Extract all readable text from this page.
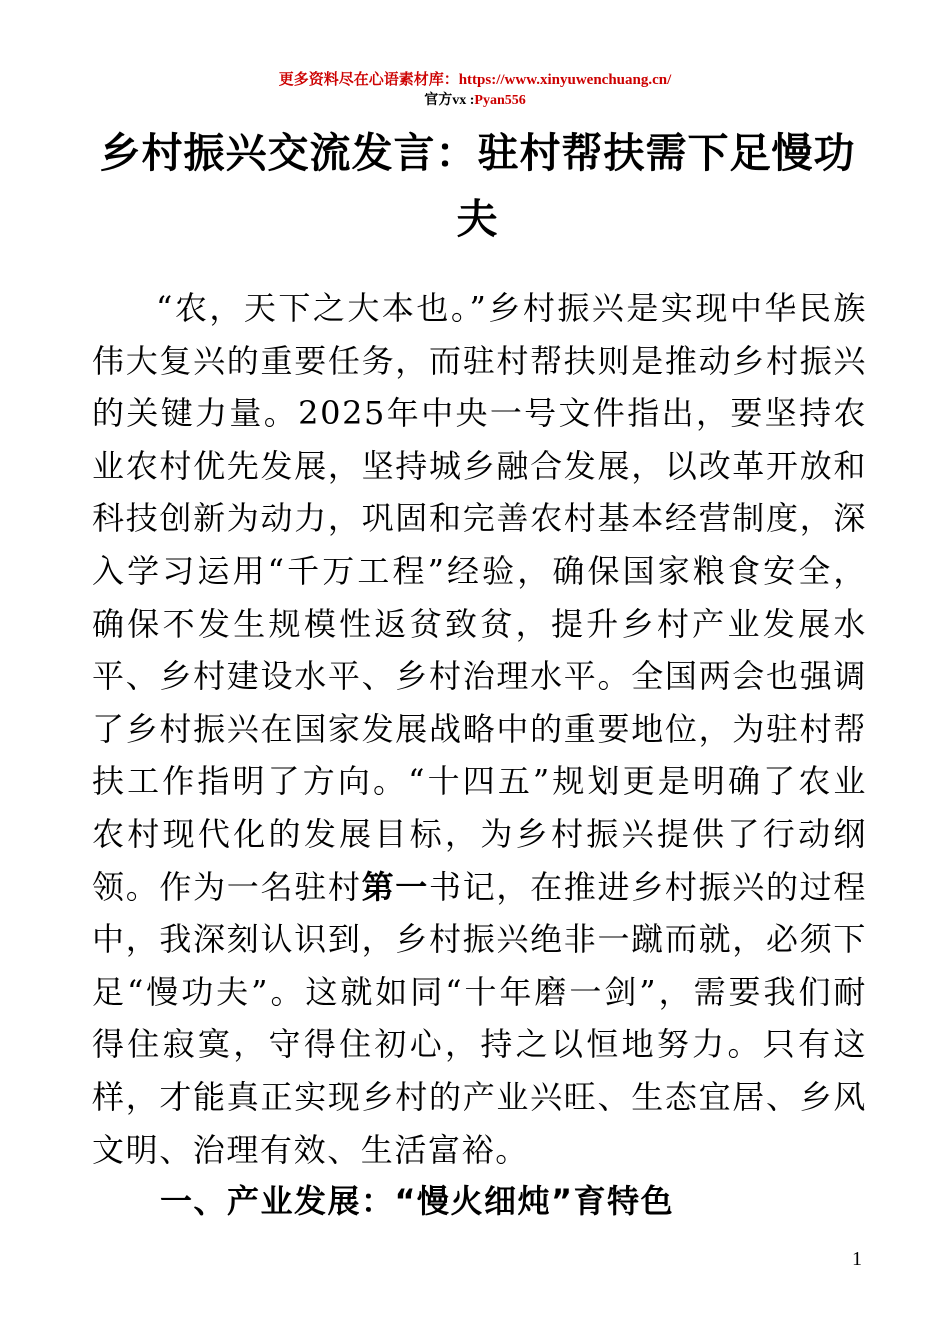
更多资料尽在心语素材库：https://www.xinyuwenchuang.cn/
官方vx :Pyan556
乡村振兴交流发言：驻村帮扶需下足慢功夫
“农，天下之大本也。”乡村振兴是实现中华民族伟大复兴的重要任务，而驻村帮扶则是推动乡村振兴的关键力量。2025年中央一号文件指出，要坚持农业农村优先发展，坚持城乡融合发展，以改革开放和科技创新为动力，巩固和完善农村基本经营制度，深入学习运用“千万工程”经验，确保国家粮食安全，确保不发生规模性返贫致贫，提升乡村产业发展水平、乡村建设水平、乡村治理水平。全国两会也强调了乡村振兴在国家发展战略中的重要地位，为驻村帮扶工作指明了方向。“十四五”规划更是明确了农业农村现代化的发展目标，为乡村振兴提供了行动纲领。作为一名驻村第一书记，在推进乡村振兴的过程中，我深刻认识到，乡村振兴绝非一蹴而就，必须下足“慢功夫”。这就如同“十年磨一剑”，需要我们耐得住寂寞，守得住初心，持之以恒地努力。只有这样，才能真正实现乡村的产业兴旺、生态宜居、乡风文明、治理有效、生活富裕。
一、产业发展：“慢火细炖”育特色
1
